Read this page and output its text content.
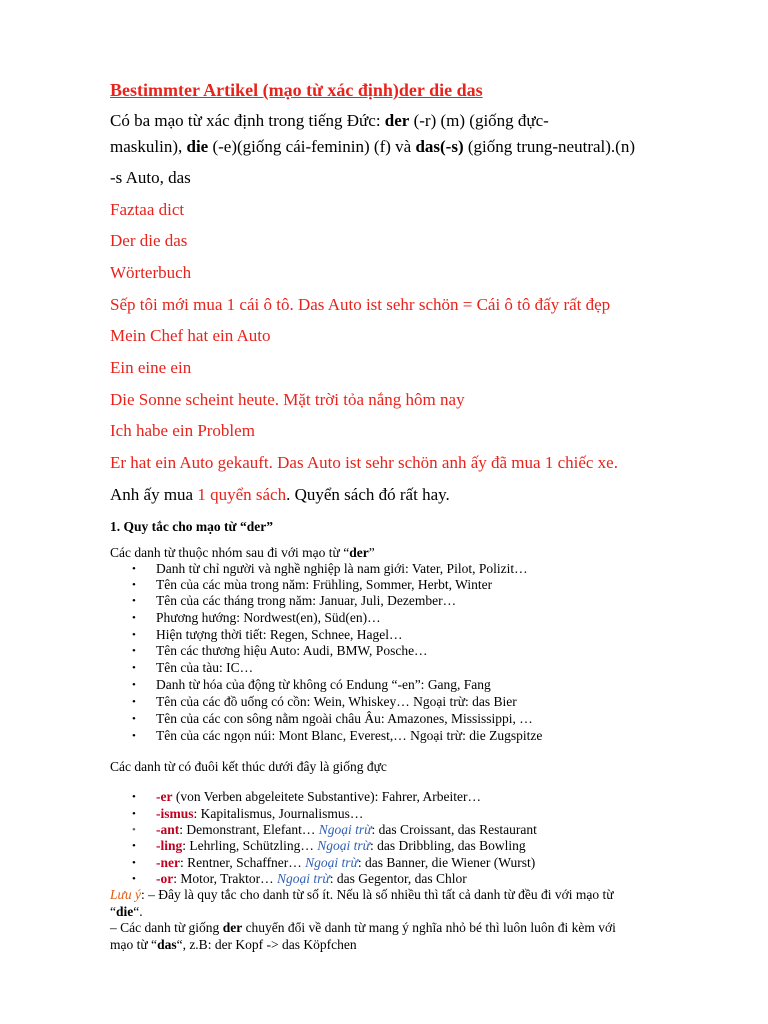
Bestimmter Artikel (mạo từ xác định)der die das
Có ba mạo từ xác định trong tiếng Đức: der (-r) (m) (giống đực-
maskulin), die (-e)(giống cái-feminin) (f) và das(-s) (giống trung-neutral).(n)
-s Auto, das
Faztaa dict
Der die das
Wörterbuch
Sếp tôi mới mua 1 cái ô tô. Das Auto ist sehr schön = Cái ô tô đấy rất đẹp
Mein Chef hat ein Auto
Ein eine ein
Die Sonne scheint heute. Mặt trời tỏa nắng hôm nay
Ich habe ein Problem
Er hat ein Auto gekauft. Das Auto ist sehr schön anh ấy đã mua 1 chiếc xe.
Anh ấy mua 1 quyển sách. Quyển sách đó rất hay.
1. Quy tắc cho mạo từ “der”
Các danh từ thuộc nhóm sau đi với mạo từ “der”
• Danh từ chỉ người và nghề nghiệp là nam giới: Vater, Pilot, Polizit…
• Tên của các mùa trong năm: Frühling, Sommer, Herbt, Winter
• Tên của các tháng trong năm: Januar, Juli, Dezember…
• Phương hướng: Nordwest(en), Süd(en)…
• Hiện tượng thời tiết: Regen, Schnee, Hagel…
• Tên các thương hiệu Auto: Audi, BMW, Posche…
• Tên của tàu: IC…
• Danh từ hóa của động từ không có Endung “-en”: Gang, Fang
• Tên của các đồ uống có cồn: Wein, Whiskey… Ngoại trừ: das Bier
• Tên của các con sông nằm ngoài châu Âu: Amazones, Mississippi, …
• Tên của các ngọn núi: Mont Blanc, Everest,… Ngoại trừ: die Zugspitze
Các danh từ có đuôi kết thúc dưới đây là giống đực
• -er (von Verben abgeleitete Substantive): Fahrer, Arbeiter…
• -ismus: Kapitalismus, Journalismus…
• -ant: Demonstrant, Elefant… Ngoại trừ: das Croissant, das Restaurant
• -ling: Lehrling, Schützling… Ngoại trừ: das Dribbling, das Bowling
• -ner: Rentner, Schaffner… Ngoại trừ: das Banner, die Wiener (Wurst)
• -or: Motor, Traktor… Ngoại trừ: das Gegentor, das Chlor
Lưu ý: – Đây là quy tắc cho danh từ số ít. Nếu là số nhiều thì tất cả danh từ đều đi với mạo từ
“die“.
– Các danh từ giống der chuyển đổi về danh từ mang ý nghĩa nhỏ bé thì luôn luôn đi kèm với
mạo từ “das“, z.B: der Kopf -> das Köpfchen
